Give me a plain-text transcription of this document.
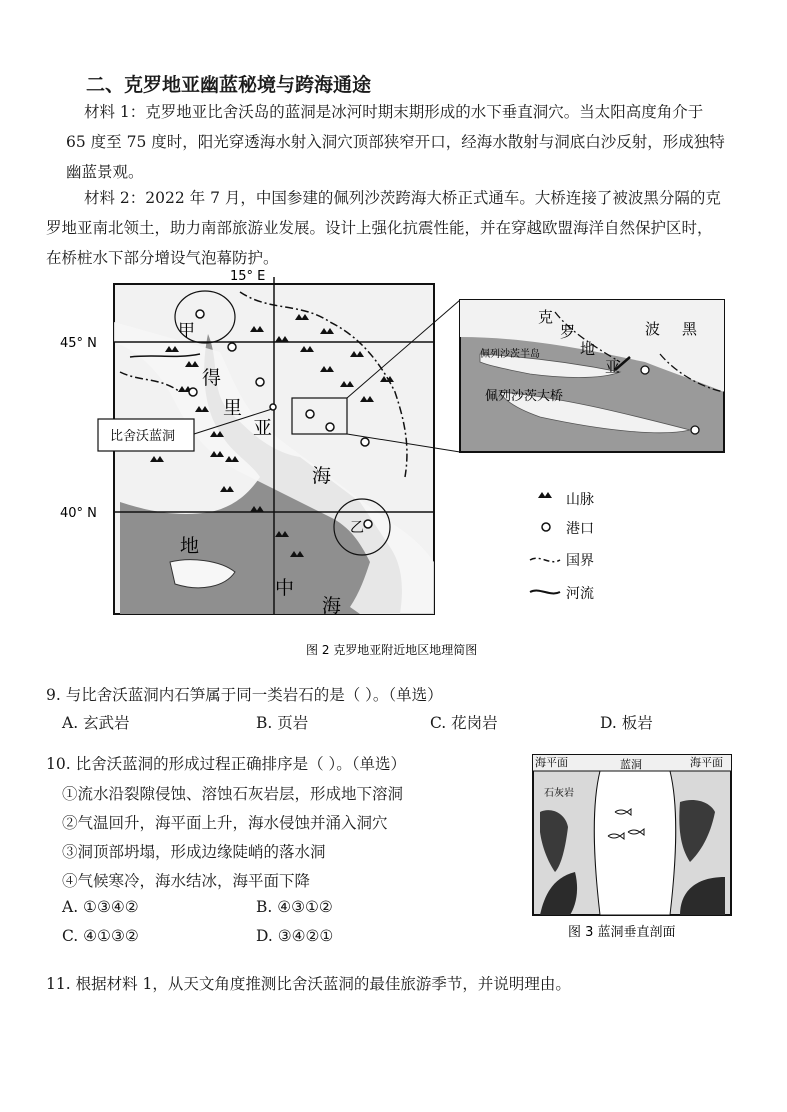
二、克罗地亚幽蓝秘境与跨海通途
材料 1：克罗地亚比舍沃岛的蓝洞是冰河时期末期形成的水下垂直洞穴。当太阳高度角介于
65 度至 75 度时，阳光穿透海水射入洞穴顶部狭窄开口，经海水散射与洞底白沙反射，形成独特
幽蓝景观。
材料 2：2022 年 7 月，中国参建的佩列沙茨跨海大桥正式通车。大桥连接了被波黑分隔的克
罗地亚南北领土，助力南部旅游业发展。设计上强化抗震性能，并在穿越欧盟海洋自然保护区时，
在桥桩水下部分增设气泡幕防护。
甲
乙
15° E
45° N
40° N
得
里
亚
海
地
中
海
比舍沃蓝洞
克
罗
地
亚
波 黑
佩列沙茨半岛
佩列沙茨大桥
山脉
港口
国界
河流
图 2 克罗地亚附近地区地理简图
9. 与比舍沃蓝洞内石笋属于同一类岩石的是（ ）。（单选）
A. 玄武岩	B. 页岩	C. 花岗岩	D. 板岩
10. 比舍沃蓝洞的形成过程正确排序是（ ）。（单选）
①流水沿裂隙侵蚀、溶蚀石灰岩层，形成地下溶洞
②气温回升，海平面上升，海水侵蚀并涌入洞穴
③洞顶部坍塌，形成边缘陡峭的落水洞
④气候寒冷，海水结冰，海平面下降
A. ①③④②	B. ④③①②
C. ④①③②	D. ③④②①
海平面	蓝洞	海平面
石灰岩
图 3 蓝洞垂直剖面
11. 根据材料 1，从天文角度推测比舍沃蓝洞的最佳旅游季节，并说明理由。
